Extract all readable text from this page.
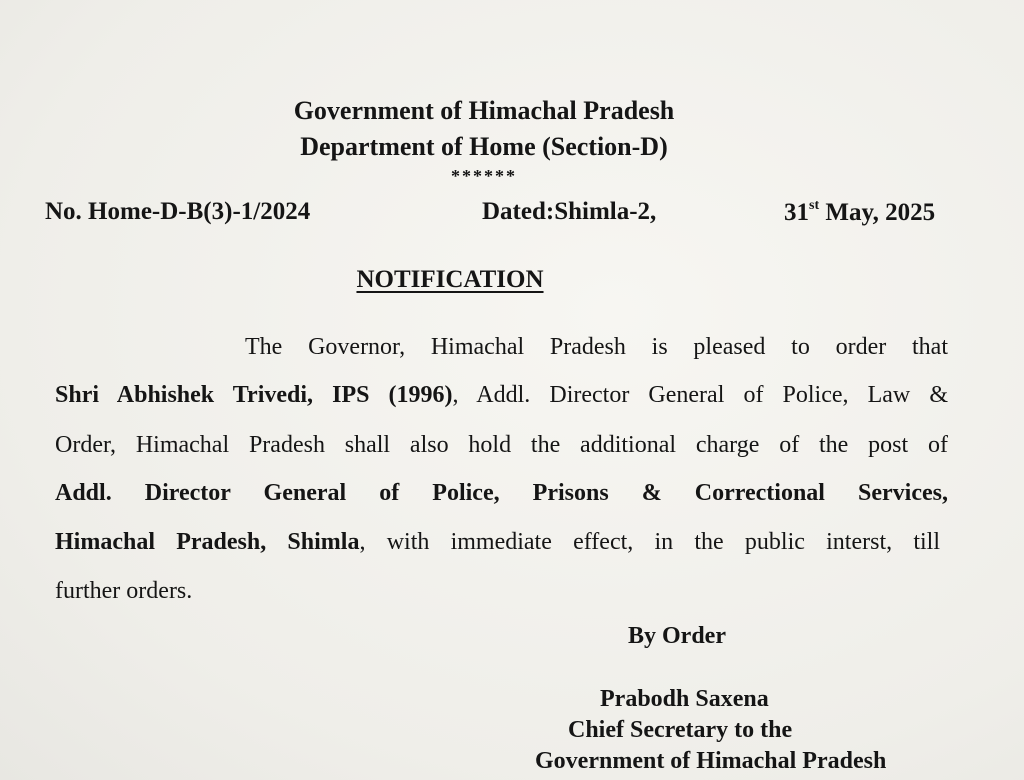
Government of Himachal Pradesh
Department of Home (Section-D)
******
No. Home-D-B(3)-1/2024	Dated:Shimla-2,	31st May, 2025
NOTIFICATION
The Governor, Himachal Pradesh is pleased to order that
Shri Abhishek Trivedi, IPS (1996), Addl. Director General of Police, Law &
Order, Himachal Pradesh shall also hold the additional charge of the post of
Addl. Director General of Police, Prisons & Correctional Services,
Himachal Pradesh, Shimla, with immediate effect, in the public interst, till
further orders.
By Order
Prabodh Saxena
Chief Secretary to the
Government of Himachal Pradesh
